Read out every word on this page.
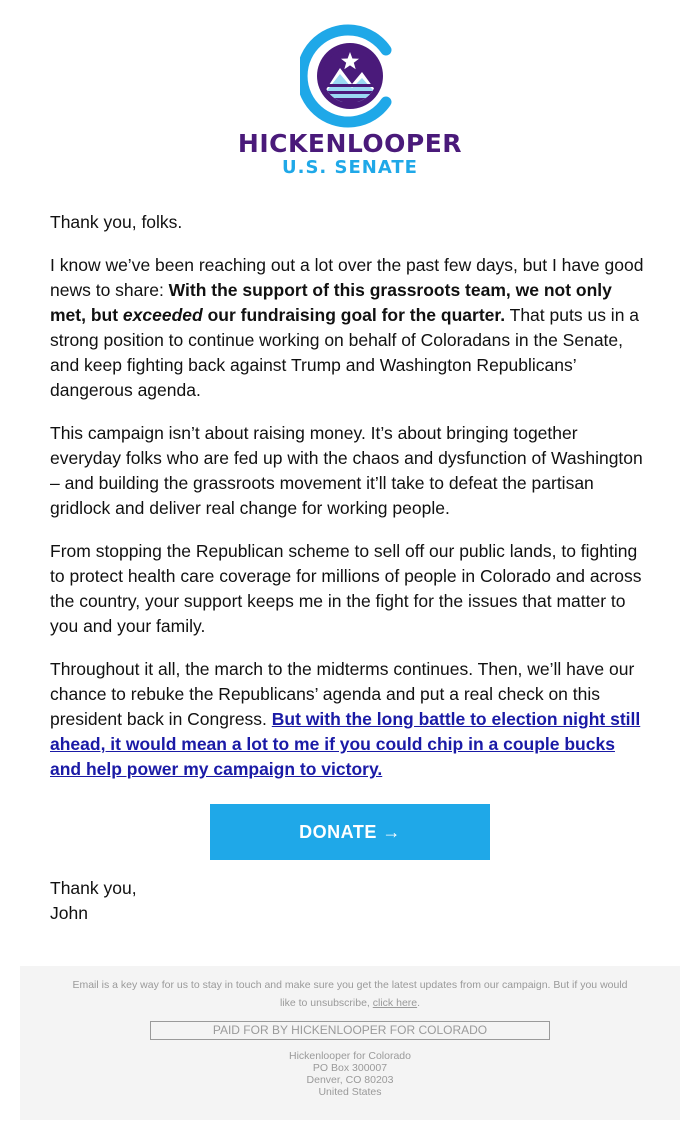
HICKENLOOPER
U.S. SENATE

Thank you, folks.

I know we’ve been reaching out a lot over the past few days, but I have good news to share: With the support of this grassroots team, we not only met, but exceeded our fundraising goal for the quarter. That puts us in a strong position to continue working on behalf of Coloradans in the Senate, and keep fighting back against Trump and Washington Republicans’ dangerous agenda.

This campaign isn’t about raising money. It’s about bringing together everyday folks who are fed up with the chaos and dysfunction of Washington – and building the grassroots movement it’ll take to defeat the partisan gridlock and deliver real change for working people.

From stopping the Republican scheme to sell off our public lands, to fighting to protect health care coverage for millions of people in Colorado and across the country, your support keeps me in the fight for the issues that matter to you and your family.

Throughout it all, the march to the midterms continues. Then, we’ll have our chance to rebuke the Republicans’ agenda and put a real check on this president back in Congress. But with the long battle to election night still ahead, it would mean a lot to me if you could chip in a couple bucks and help power my campaign to victory.

DONATE →
Thank you,
John
Email is a key way for us to stay in touch and make sure you get the latest updates from our campaign. But if you would like to unsubscribe, click here.
PAID FOR BY HICKENLOOPER FOR COLORADO
Hickenlooper for Colorado
PO Box 300007
Denver, CO 80203
United States
